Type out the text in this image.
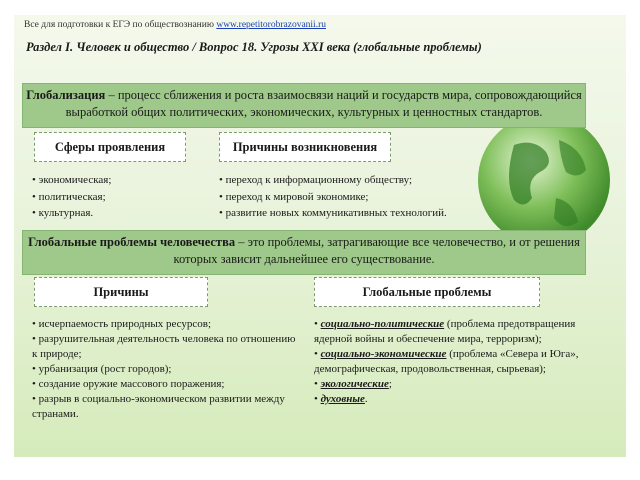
Все для подготовки к ЕГЭ по обществознанию www.repetitorobrazovanii.ru
Раздел I. Человек и общество / Вопрос 18. Угрозы XXI века (глобальные проблемы)
Глобализация – процесс сближения и роста взаимосвязи наций и государств мира, сопровождающийся выработкой общих политических, экономических, культурных и ценностных стандартов.
Сферы проявления	Причины возникновения
• экономическая;
• политическая;
• культурная.
• переход к информационному обществу;
• переход к мировой экономике;
• развитие новых коммуникативных технологий.
Глобальные проблемы человечества – это проблемы, затрагивающие все человечество, и от решения которых зависит дальнейшее его существование.
Причины	Глобальные проблемы
• исчерпаемость природных ресурсов;
• разрушительная деятельность человека по отношению к природе;
• урбанизация (рост городов);
• создание оружие массового поражения;
• разрыв в социально-экономическом развитии между странами.
• социально-политические (проблема предотвращения ядерной войны и обеспечение мира, терроризм);
• социально-экономические (проблема «Севера и Юга», демографическая, продовольственная, сырьевая);
• экологические;
• духовные.
